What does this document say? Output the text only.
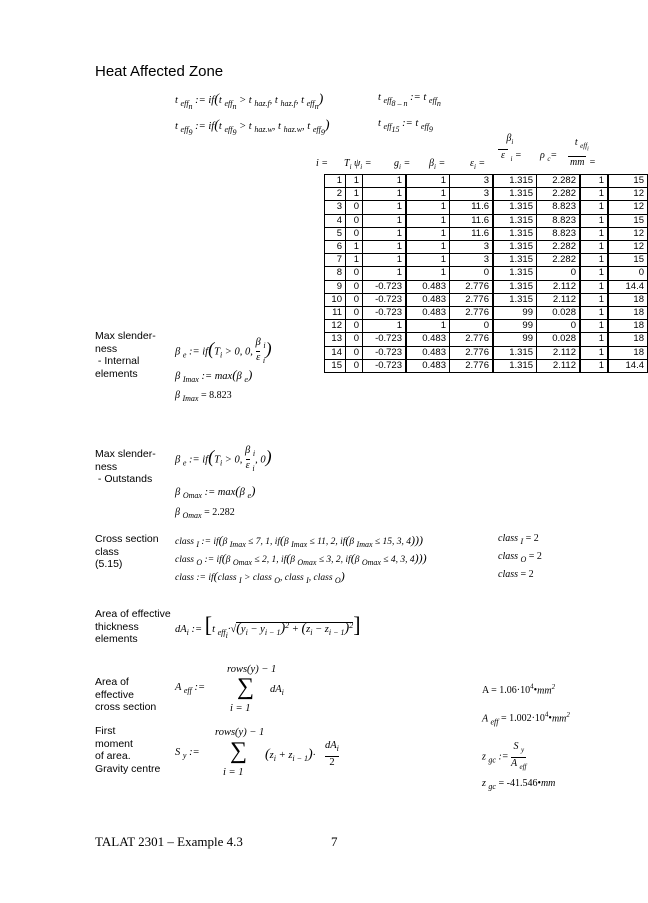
Heat Affected Zone
t $_{eff_n}$ := if(t $_{eff_n}$ > t $_{haz.f}$, t $_{haz.f}$, t $_{eff_n}$)	t $_{eff_{8 - n}}$ := t $_{eff_n}$
t $_{eff_9}$ := if(t $_{eff_9}$ > t $_{haz.w}$, t $_{haz.w}$, t $_{eff_9}$)	t $_{eff_{15}}$ := t $_{eff_9}$
$i = T_i$ $\psi_i = g_i = \beta_i = \varepsilon_i$ =
$\beta_i$
ε $_i$ = ρ $_c$=
t $_{eff_i}$
mm =
1	1	1		1	3		1.315	2.282		1		15
2	1	1		1	3		1.315	2.282		1		12
3	0	1		1	11.6		1.315	8.823		1		12
4	0	1		1	11.6		1.315	8.823		1		15
5	0	1		1	11.6		1.315	8.823		1		12
6	1	1		1	3		1.315	2.282		1		12
7	1	1		1	3		1.315	2.282		1		15
8	0	1		1	0		1.315	0		1		0
9	0	-0.723		0.483	2.776		1.315	2.112		1		14.4
10	0	-0.723		0.483	2.776		1.315	2.112		1		18
11	0	-0.723		0.483	2.776		99	0.028		1		18
12	0	1		1	0		99	0		1		18
13	0	-0.723		0.483	2.776		99	0.028		1		18
14	0	-0.723		0.483	2.776		1.315	2.112		1		18
15	0	-0.723		0.483	2.776		1.315	2.112		1		14.4
Max slender-
ness
- Internal
elements
β $_e$ := $if(T_i > 0$, 0, β $_i$
ε $_i$)
β $_{Imax}$ := max(β $_e$)
β $_{Imax}$ = 8.823
Max slender-
ness
- Outstands
β $_e$ := $if(T_i > 0$, β $_i$
ε $_i$, 0)
β $_{Omax}$ := max(β $_e$)
β $_{Omax}$ = 2.282
Cross section
class
(5.15)
class $_I$ := if(β $_{Imax}$ ≤ 7, 1, if(β $_{Imax}$ ≤ 11, 2, if(β $_{Imax}$ ≤ 15, 3, 4)))
class $_O$ := if(β $_{Omax}$ ≤ 2, 1, if(β $_{Omax}$ ≤ 3, 2, if(β $_{Omax}$ ≤ 4, 3, 4)))
class := if(class $_I$ > class $_O$, class $_I$, class $_O$)
class $_I$ = 2
class $_O$ = 2
class = 2
Area of effective
thickness
elements
$dA_i$ := [t $_{eff_i}\cdot√(y_i - y_{i - 1})^2 + (z_i - z_{i - 1})^2$]
Area of
effective
cross section
rows(y) − 1
A $_{eff}$ := ∑ $dA_i$
i = 1
$A = 1.06\cdot 10^4•mm^2$
A $_{eff} = 1.002\cdot 10^4•mm^2$
First
moment
of area.
Gravity centre
rows(y) − 1
S $_y$ := ∑ $(z_i + z_{i - 1})\cdot$
$dA_i$
2
i = 1
z $_{gc}$ := S $_y$
A $_{eff}$
z $_{gc}$ = -41.546•mm
TALAT 2301 – Example 4.3	7
